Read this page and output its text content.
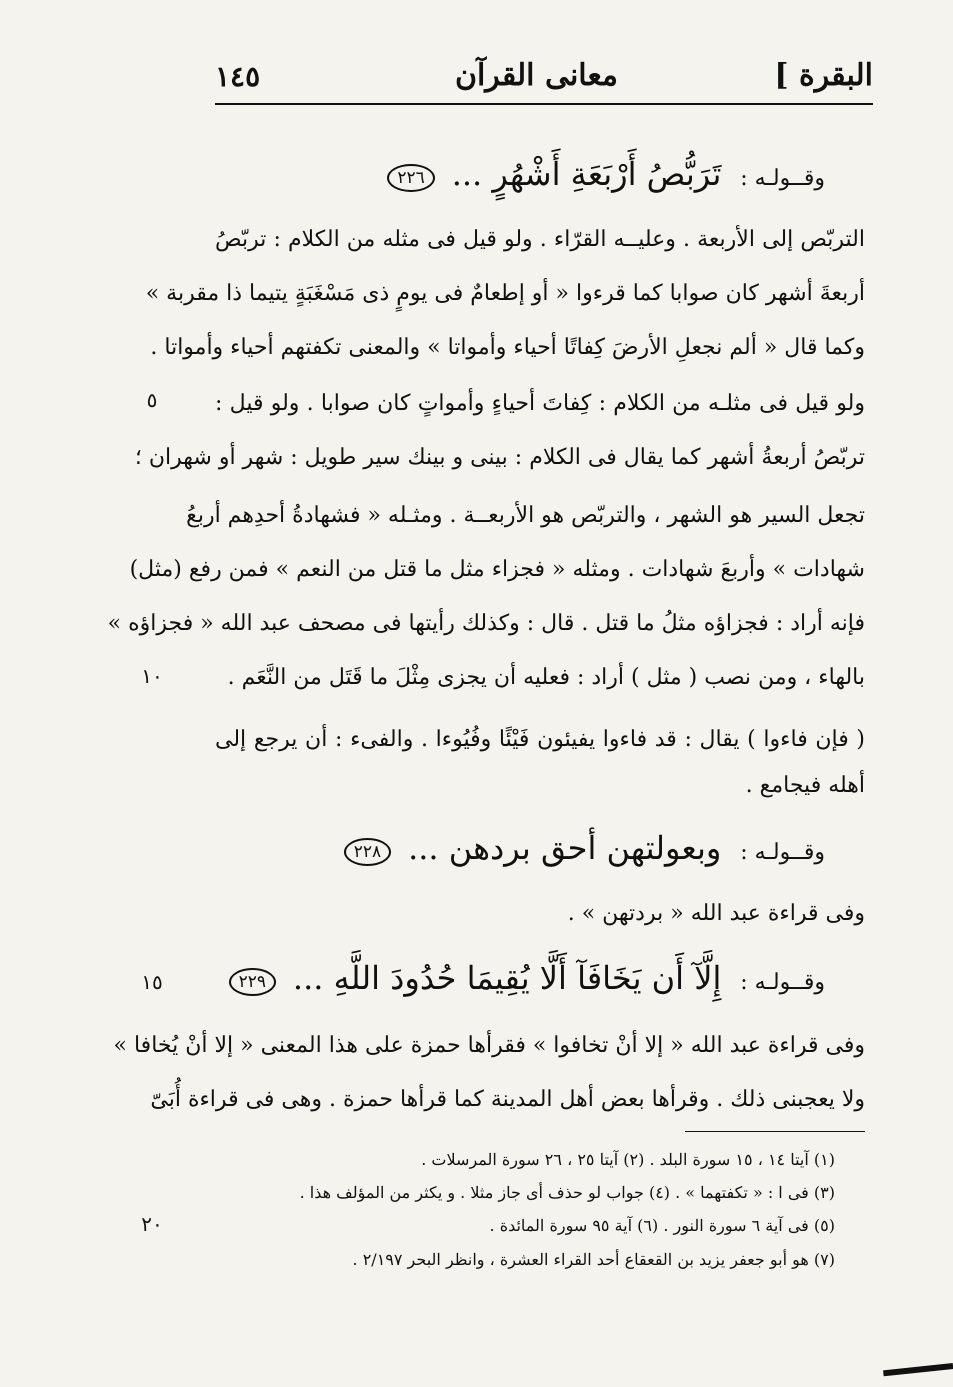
البقرة ]
معانى القرآن
١٤٥
وقــولـه : تَرَبُّصُ أَرْبَعَةِ أَشْهُرٍ ... ٢٢٦
التربّص إلى الأربعة . وعليــه القرّاء . ولو قيل فى مثله من الكلام : تربّصُ
أربعةَ أشهر كان صوابا كما قرءوا « أو إطعامٌ فى يومٍ ذى مَسْغَبَةٍ يتيما ذا مقربة »
وكما قال « ألم نجعلِ الأرضَ كِفاتًا أحياء وأمواتا » والمعنى تكفتهم أحياء وأمواتا .
ولو قيل فى مثلـه من الكلام : كِفاتَ أحياءٍ وأمواتٍ كان صوابا . ولو قيل :
تربّصُ أربعةُ أشهر كما يقال فى الكلام : بينى و بينك سير طويل : شهر أو شهران ؛
تجعل السير هو الشهر ، والتربّص هو الأربعــة . ومثـله « فشهادةُ أحدِهم أربعُ
شهادات » وأربعَ شهادات . ومثله « فجزاء مثل ما قتل من النعم » فمن رفع (مثل)
فإنه أراد : فجزاؤه مثلُ ما قتل . قال : وكذلك رأيتها فى مصحف عبد الله « فجزاؤه »
بالهاء ، ومن نصب ( مثل ) أراد : فعليه أن يجزى مِثْلَ ما قَتَل من النَّعَم .
( فإن فاءوا ) يقال : قد فاءوا يفيئون فَيْئًا وفُيُوءا . والفىء : أن يرجع إلى
أهله فيجامع .
وقــولـه : وبعولتهن أحق بردهن ... ٢٢٨
وفى قراءة عبد الله « بردتهن » .
وقــولـه : إِلَّآ أَن يَخَافَآ أَلَّا يُقِيمَا حُدُودَ اللَّهِ ... ٢٢٩
وفى قراءة عبد الله « إلا أنْ تخافوا » فقرأها حمزة على هذا المعنى « إلا أنْ يُخافا »
ولا يعجبنى ذلك . وقرأها بعض أهل المدينة كما قرأها حمزة . وهى فى قراءة أُبَىّ
(١) آيتا ١٤ ، ١٥ سورة البلد . (٢) آيتا ٢٥ ، ٢٦ سورة المرسلات .
(٣) فى ا : « تكفتهما » . (٤) جواب لو حذف أى جاز مثلا . و يكثر من المؤلف هذا .
(٥) فى آية ٦ سورة النور . (٦) آية ٩٥ سورة المائدة .
(٧) هو أبو جعفر يزيد بن القعقاع أحد القراء العشرة ، وانظر البحر ٢/١٩٧ .
٥
١٠
١٥
٢٠
